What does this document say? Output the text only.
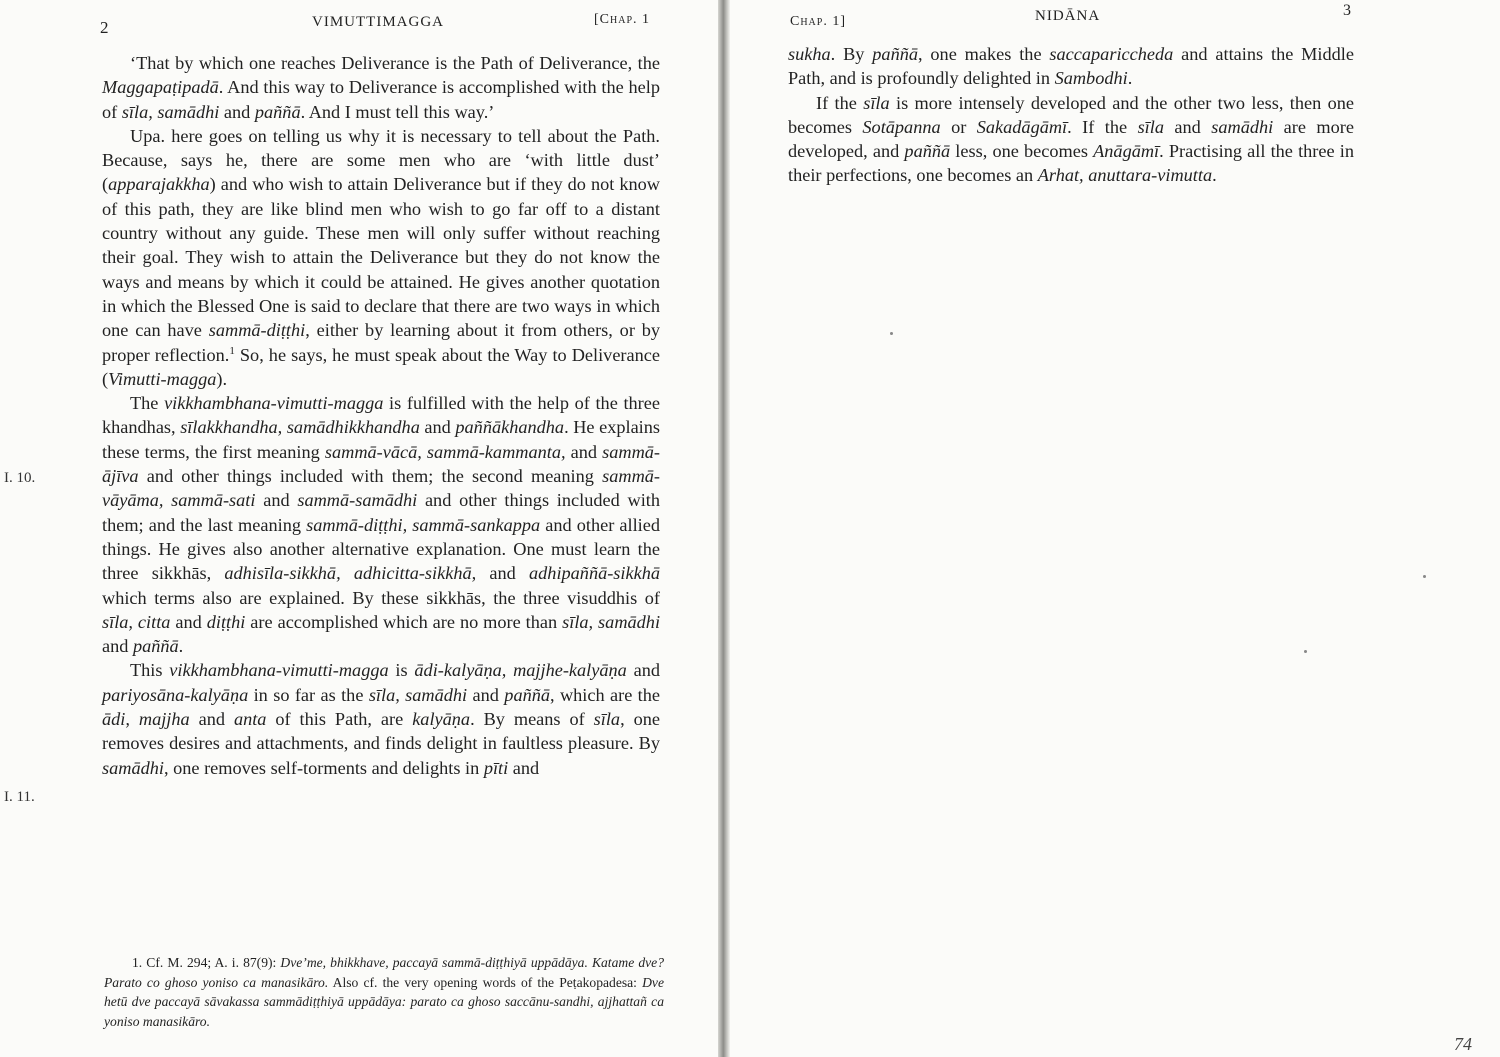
2	VIMUTTIMAGGA	[Chap. 1
I. 10.
I. 11.

‘That by which one reaches Deliverance is the Path of Deliverance, the Maggapaṭipadā. And this way to Deliverance is accomplished with the help of sīla, samādhi and paññā. And I must tell this way.’

Upa. here goes on telling us why it is necessary to tell about the Path. Because, says he, there are some men who are ‘with little dust’ (apparajakkha) and who wish to attain Deliverance but if they do not know of this path, they are like blind men who wish to go far off to a distant country without any guide. These men will only suffer without reaching their goal. They wish to attain the Deliverance but they do not know the ways and means by which it could be attained. He gives another quotation in which the Blessed One is said to declare that there are two ways in which one can have sammā-diṭṭhi, either by learning about it from others, or by proper reflection.$^1$ So, he says, he must speak about the Way to Deliverance (Vimutti-magga).

The vikkhambhana-vimutti-magga is fulfilled with the help of the three khandhas, sīlakkhandha, samādhikkhandha and paññākhandha. He explains these terms, the first meaning sammā-vācā, sammā-kammanta, and sammā-ājīva and other things included with them; the second meaning sammā-vāyāma, sammā-sati and sammā-samādhi and other things included with them; and the last meaning sammā-diṭṭhi, sammā-sankappa and other allied things. He gives also another alternative explanation. One must learn the three sikkhās, adhisīla-sikkhā, adhicitta-sikkhā, and adhipaññā-sikkhā which terms also are explained. By these sikkhās, the three visuddhis of sīla, citta and diṭṭhi are accomplished which are no more than sīla, samādhi and paññā.

This vikkhambhana-vimutti-magga is ādi-kalyāṇa, majjhe-kalyāṇa and pariyosāna-kalyāṇa in so far as the sīla, samādhi and paññā, which are the ādi, majjha and anta of this Path, are kalyāṇa. By means of sīla, one removes desires and attachments, and finds delight in faultless pleasure. By samādhi, one removes self-torments and delights in pīti and

1. Cf. M. 294; A. i. 87(9): Dve’me, bhikkhave, paccayā sammā-diṭṭhiyā uppādāya. Katame dve? Parato co ghoso yoniso ca manasikāro. Also cf. the very opening words of the Peṭakopadesa: Dve hetū dve paccayā sāvakassa sammādiṭṭhiyā uppādāya: parato ca ghoso saccānu-sandhi, ajjhattañ ca yoniso manasikāro.

Chap. 1]	NIDĀNA	3

sukha. By paññā, one makes the saccapariccheda and attains the Middle Path, and is profoundly delighted in Sambodhi.

If the sīla is more intensely developed and the other two less, then one becomes Sotāpanna or Sakadāgāmī. If the sīla and samādhi are more developed, and paññā less, one becomes Anāgāmī. Practising all the three in their perfections, one becomes an Arhat, anuttara-vimutta.

74
